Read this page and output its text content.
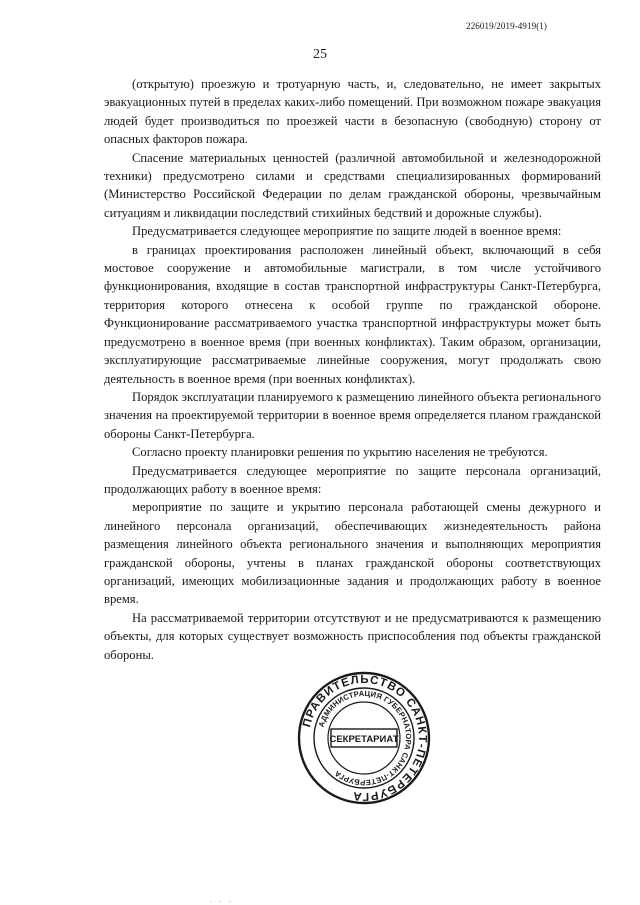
226019/2019-4919(1)
25

(открытую) проезжую и тротуарную часть, и, следовательно, не имеет закрытых эвакуационных путей в пределах каких-либо помещений. При возможном пожаре эвакуация людей будет производиться по проезжей части в безопасную (свободную) сторону от опасных факторов пожара.

Спасение материальных ценностей (различной автомобильной и железнодорожной техники) предусмотрено силами и средствами специализированных формирований (Министерство Российской Федерации по делам гражданской обороны, чрезвычайным ситуациям и ликвидации последствий стихийных бедствий и дорожные службы).

Предусматривается следующее мероприятие по защите людей в военное время:

в границах проектирования расположен линейный объект, включающий в себя мостовое сооружение и автомобильные магистрали, в том числе устойчивого функционирования, входящие в состав транспортной инфраструктуры Санкт-Петербурга, территория которого отнесена к особой группе по гражданской обороне. Функционирование рассматриваемого участка транспортной инфраструктуры может быть предусмотрено в военное время (при военных конфликтах). Таким образом, организации, эксплуатирующие рассматриваемые линейные сооружения, могут продолжать свою деятельность в военное время (при военных конфликтах).

Порядок эксплуатации планируемого к размещению линейного объекта регионального значения на проектируемой территории в военное время определяется планом гражданской обороны Санкт-Петербурга.

Согласно проекту планировки решения по укрытию населения не требуются.

Предусматривается следующее мероприятие по защите персонала организаций, продолжающих работу в военное время:

мероприятие по защите и укрытию персонала работающей смены дежурного и линейного персонала организаций, обеспечивающих жизнедеятельность района размещения линейного объекта регионального значения и выполняющих мероприятия гражданской обороны, учтены в планах гражданской обороны соответствующих организаций, имеющих мобилизационные задания и продолжающих работу в военное время.

На рассматриваемой территории отсутствуют и не предусматриваются к размещению объекты, для которых существует возможность приспособления под объекты гражданской обороны.

ПРАВИТЕЛЬСТВО САНКТ-ПЕТЕРБУРГА
АДМИНИСТРАЦИЯ ГУБЕРНАТОРА САНКТ-ПЕТЕРБУРГА
СЕКРЕТАРИАТ
. . .
